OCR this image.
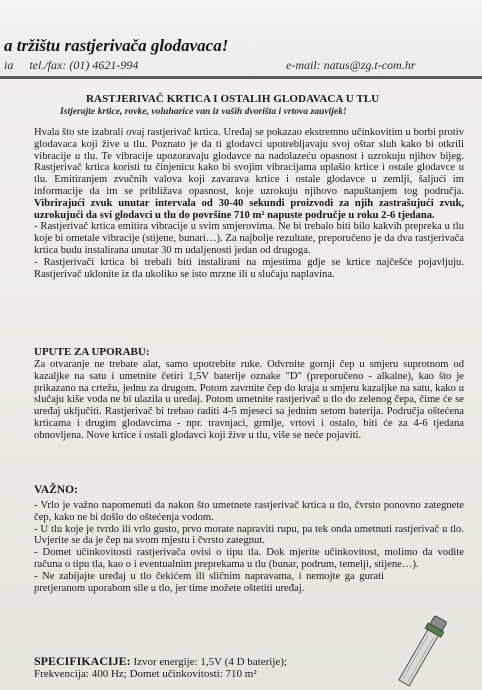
a tržištu rastjerivača glodavaca!
ia tel./fax: (01) 4621-994	e-mail: natus@zg.t-com.hr
RASTJERIVAČ KRTICA I OSTALIH GLODAVACA U TLU
Istjerajte krtice, rovke, voluharice van iz vaših dvorišta i vrtova zauvijek!
Hvala što ste izabrali ovaj rastjerivač krtica. Uređaj se pokazao ekstremno učinkovitim u borbi protiv glodavaca koji žive u tlu. Poznato je da ti glodavci upotrebljavaju svoj oštar sluh kako bi otkrili vibracije u tlu. Te vibracije upozoravaju glodavce na nadolazeću opasnost i uzrokuju njihov bijeg. Rastjerivač krtica koristi tu činjenicu kako bi svojim vibracijama uplašio krtice i ostale glodavce u tlu. Emitiranjem zvučnih valova koji zavarava krtice i ostale glodavce u zemlji, šaljući im informacije da im se približava opasnost, koje uzrokuju njihovo napuštanjem tog područja. Vibrirajući zvuk unutar intervala od 30-40 sekundi proizvodi za njih zastrašujući zvuk, uzrokujući da svi glodavci u tlu do površine 710 m² napuste područje u roku 2-6 tjedana.
- Rastjerivač krtica emitira vibracije u svim smjerovima. Ne bi trebalo biti bilo kakvih prepreka u tlu koje bi ometale vibracije (stijene, bunari…). Za najbolje rezultate, preporučeno je da dva rastjerivača krtica budu instalirana unutar 30 m udaljenosti jedan od drugoga.
- Rastjerivači krtica bi trebali biti instalirani na mjestima gdje se krtice najčešće pojavljuju. Rastjerivač uklonite iz tla ukoliko se isto mrzne ili u slučaju naplavina.
UPUTE ZA UPORABU:
Za otvaranje ne trebate alat, samo upotrebite ruke. Odvrnite gornji čep u smjeru suprotnom od kazaljke na satu i umetnite četiri 1,5V baterije oznake "D" (preporučeno - alkalne), kao što je prikazano na crtežu, jednu za drugom. Potom zavrnite čep do kraja u smjeru kazaljke na satu, kako u slučaju kiše voda ne bi ulazila u uređaj. Potom umetnite rastjerivač u tlo do zelenog čepa, čime će se uređaj uključiti. Rastjerivač bi trebao raditi 4-5 mjeseci sa jednim setom baterija. Područja oštećena krticama i drugim glodavcima - npr. travnjaci, grmlje, vrtovi i ostalo, biti će za 4-6 tjedana obnovljena. Nove krtice i ostali glodavci koji žive u tlu, više se neće pojaviti.
VAŽNO:
- Vrlo je važno napomenuti da nakon što umetnete rastjerivač krtica u tlo, čvrsto ponovno zategnete čep, kako ne bi došlo do oštećenja vodom.
- U tlu koje je tvrdo ili vrlo gusto, prvo morate napraviti rupu, pa tek onda umetnuti rastjerivač u tlo. Uvjerite se da je čep na svom mjestu i čvrsto zategnut.
- Domet učinkovitosti rastjerivača ovisi o tipu tla. Dok mjerite učinkovitost, molimo da vodite računa o tipu tla, kao o i eventualnim preprekama u tlu (bunar, podrum, temelji, stijene…).
- Ne zabijajte uređaj u tlo čekićem ili sličnim napravama, i nemojte ga gurati pretjeranom uporabom sile u tlo, jer time možete oštetiti uređaj.
SPECIFIKACIJE: Izvor energije: 1,5V (4 D baterije);
Frekvencija: 400 Hz; Domet učinkovitosti: 710 m²
